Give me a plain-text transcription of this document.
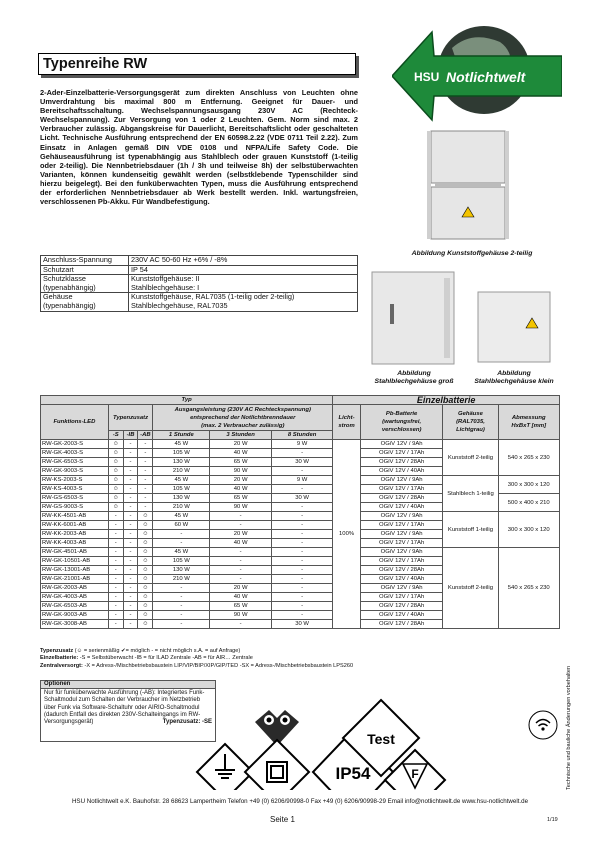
Typenreihe RW
HSU Notlichtwelt
2-Ader-Einzelbatterie-Versorgungsgerät zum direkten Anschluss von Leuchten ohne Umverdrahtung bis maximal 800 m Entfernung. Geeignet für Dauer- und Bereitschaftsschaltung. Wechselspannungsausgang 230V AC (Rechteck-Wechselspannung). Zur Versorgung von 1 oder 2 Leuchten. Gem. Norm sind max. 2 Verbraucher zulässig. Abgangskreise für Dauerlicht, Bereitschaftslicht oder geschalteten Licht. Technische Ausführung entsprechend der EN 60598.2.22 (VDE 0711 Teil 2.22). Zum Einsatz in Anlagen gemäß DIN VDE 0108 und NFPA/Life Safety Code. Die Gehäuseausführung ist typenabhängig aus Stahlblech oder grauen Kunststoff (1-teilig oder 2-teilig). Die Nennbetriebsdauer (1h / 3h und teilweise 8h) der selbstüberwachten Varianten, können kundenseitig gewählt werden (selbstklebende Typenschilder sind hierzu beigelegt). Bei den funküberwachten Typen, muss die Ausführung entsprechend der erforderlichen Nennbetriebsdauer ab Werk bestellt werden. Inkl. wartungsfreien, verschlossenen Pb-Akku. Für Wandbefestigung.
Anschluss-Spannung	230V AC 50-60 Hz +6% / -8%
Schutzart	IP 54
Schutzklasse
(typenabhängig)	Kunststoffgehäuse: II
Stahlblechgehäuse: I
Gehäuse
(typenabhängig)	Kunststoffgehäuse, RAL7035 (1-teilig oder 2-teilig)
Stahlblechgehäuse, RAL7035
Abbildung Kunststoffgehäuse 2-teilig
Abbildung
Stahlblechgehäuse groß
Abbildung
Stahlblechgehäuse klein
Typ							Einzelbatterie			
Funktions-LED	Typenzusatz			Ausgangsleistung (230V AC Rechteckspannung)
entsprechend der Notlichtbrenndauer
(max. 2 Verbraucher zulässig)			Licht-
strom	Pb-Batterie
(wartungsfrei,
verschlossen)	Gehäuse
(RAL7035,
Lichtgrau)	Abmessung
HxBxT [mm]
	-S	-IB	-AB	1 Stunde	3 Stunden	8 Stunden				
RW-GK-2003-S	☺	-	-	45 W	20 W	9 W	100%	OGiV 12V / 9Ah	Kunststoff 2-teilig	540 x 265 x 230
RW-GK-4003-S	☺	-	-	105 W	40 W	-		OGiV 12V / 17Ah		
RW-GK-6503-S	☺	-	-	130 W	65 W	30 W		OGiV 12V / 28Ah		
RW-GK-9003-S	☺	-	-	210 W	90 W	-		OGiV 12V / 40Ah		
RW-KS-2003-S	☺	-	-	45 W	20 W	9 W		OGiV 12V / 9Ah	Stahlblech 1-teilig	300 x 300 x 120
RW-KS-4003-S	☺	-	-	105 W	40 W	-		OGiV 12V / 17Ah		
RW-GS-6503-S	☺	-	-	130 W	65 W	30 W		OGiV 12V / 28Ah		500 x 400 x 210
RW-GS-9003-S	☺	-	-	210 W	90 W	-		OGiV 12V / 40Ah		
RW-KK-4501-AB	-	-	☺	45 W	-	-		OGiV 12V / 9Ah	Kunststoff 1-teilig	300 x 300 x 120
RW-KK-6001-AB	-	-	☺	60 W	-	-		OGiV 12V / 17Ah		
RW-KK-2003-AB	-	-	☺	-	20 W	-		OGiV 12V / 9Ah		
RW-KK-4003-AB	-	-	☺	-	40 W	-		OGiV 12V / 17Ah		
RW-GK-4501-AB	-	-	☺	45 W	-	-		OGiV 12V / 9Ah	Kunststoff 2-teilig	540 x 265 x 230
RW-GK-10501-AB	-	-	☺	105 W	-	-		OGiV 12V / 17Ah		
RW-GK-13001-AB	-	-	☺	130 W	-	-		OGiV 12V / 28Ah		
RW-GK-21001-AB	-	-	☺	210 W	-	-		OGiV 12V / 40Ah		
RW-GK-2003-AB	-	-	☺	-	20 W	-		OGiV 12V / 9Ah		
RW-GK-4003-AB	-	-	☺	-	40 W	-		OGiV 12V / 17Ah		
RW-GK-6503-AB	-	-	☺	-	65 W	-		OGiV 12V / 28Ah		
RW-GK-9003-AB	-	-	☺	-	90 W	-		OGiV 12V / 40Ah		
RW-GK-3008-AB	-	-	☺	-	-	30 W		OGiV 12V / 28Ah		
Typenzusatz (☺ = serienmäßig ✔= möglich - = nicht möglich s.A. = auf Anfrage)
Einzelbatterie: -S = Selbstüberwacht -IB = für ILAD Zentrale -AB = für AIR… Zentrale
Zentralversorgt: -X = Adress-/Mischbetriebsbaustein LIP/VIP/BIP/XIP/GIP/TED -SX = Adress-/Mischbetriebsbaustein LPS260
Optionen
Nur für funküberwachte Ausführung (-AB): Integriertes Funk-Schaltmodul zum Schalten der Verbraucher im Netzbetrieb über Funk via Software-Schaltuhr oder AIRIO-Schaltmodul (dadurch Entfall des direkten 230V-Schalteingangs im RW-Versorgungsgerät)	Typenzusatz: -SE
IP54
Test
F
HSU Notlichtwelt e.K. Bauhofstr. 28 68623 Lampertheim Telefon +49 (0) 6206/90998-0 Fax +49 (0) 6206/90998-29 Email info@notlichtwelt.de www.hsu-notlichtwelt.de
Seite 1	1/19
Technische und bauliche Änderungen vorbehalten
